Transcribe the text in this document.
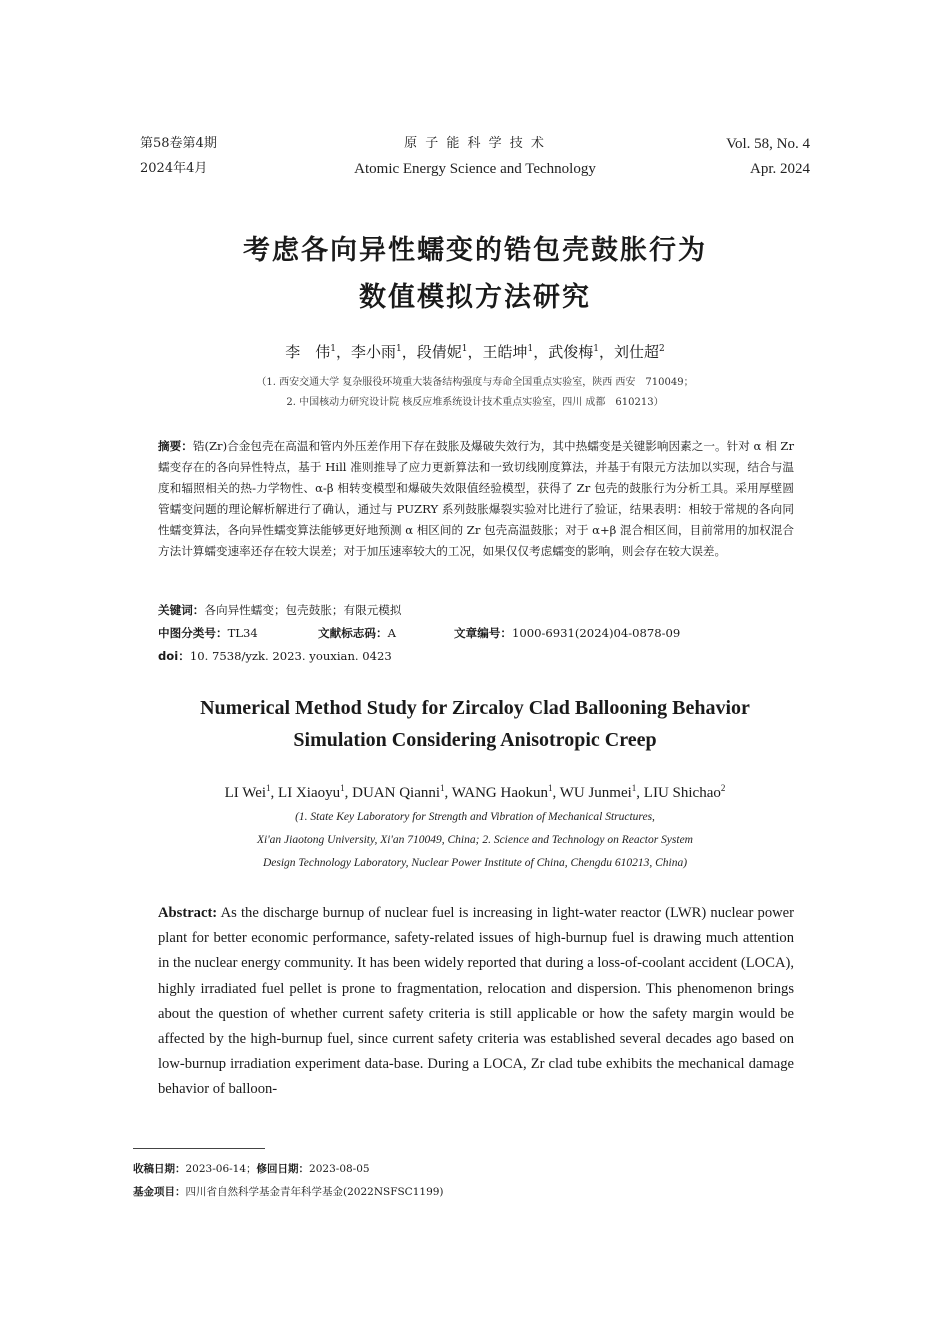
第58卷第4期
2024年4月
原 子 能 科 学 技 术
Atomic Energy Science and Technology
Vol. 58, No. 4
Apr. 2024
考虑各向异性蠕变的锆包壳鼓胀行为
数值模拟方法研究
李　伟$^1$，李小雨$^1$，段倩妮$^1$，王皓坤$^1$，武俊梅$^1$，刘仕超$^2$
（1. 西安交通大学 复杂服役环境重大装备结构强度与寿命全国重点实验室，陕西 西安　710049；
2. 中国核动力研究设计院 核反应堆系统设计技术重点实验室，四川 成都　610213）
摘要：锆(Zr)合金包壳在高温和管内外压差作用下存在鼓胀及爆破失效行为，其中热蠕变是关键影响因素之一。针对 α 相 Zr 蠕变存在的各向异性特点，基于 Hill 准则推导了应力更新算法和一致切线刚度算法，并基于有限元方法加以实现，结合与温度和辐照相关的热-力学物性、α-β 相转变模型和爆破失效限值经验模型，获得了 Zr 包壳的鼓胀行为分析工具。采用厚壁圆管蠕变问题的理论解析解进行了确认，通过与 PUZRY 系列鼓胀爆裂实验对比进行了验证，结果表明：相较于常规的各向同性蠕变算法，各向异性蠕变算法能够更好地预测 α 相区间的 Zr 包壳高温鼓胀；对于 α+β 混合相区间，目前常用的加权混合方法计算蠕变速率还存在较大误差；对于加压速率较大的工况，如果仅仅考虑蠕变的影响，则会存在较大误差。
关键词：各向异性蠕变；包壳鼓胀；有限元模拟
中图分类号：TL34	文献标志码：A	文章编号：1000-6931(2024)04-0878-09
doi：10. 7538/yzk. 2023. youxian. 0423
Numerical Method Study for Zircaloy Clad Ballooning Behavior
Simulation Considering Anisotropic Creep
LI Wei$^1$, LI Xiaoyu$^1$, DUAN Qianni$^1$, WANG Haokun$^1$, WU Junmei$^1$, LIU Shichao$^2$
(1. State Key Laboratory for Strength and Vibration of Mechanical Structures,
Xi'an Jiaotong University, Xi'an 710049, China; 2. Science and Technology on Reactor System
Design Technology Laboratory, Nuclear Power Institute of China, Chengdu 610213, China)
Abstract: As the discharge burnup of nuclear fuel is increasing in light-water reactor (LWR) nuclear power plant for better economic performance, safety-related issues of high-burnup fuel is drawing much attention in the nuclear energy community. It has been widely reported that during a loss-of-coolant accident (LOCA), highly irradiated fuel pellet is prone to fragmentation, relocation and dispersion. This phenomenon brings about the question of whether current safety criteria is still applicable or how the safety margin would be affected by the high-burnup fuel, since current safety criteria was established several decades ago based on low-burnup irradiation experiment data-base. During a LOCA, Zr clad tube exhibits the mechanical damage behavior of balloon-
收稿日期：2023-06-14；修回日期：2023-08-05
基金项目：四川省自然科学基金青年科学基金(2022NSFSC1199)
